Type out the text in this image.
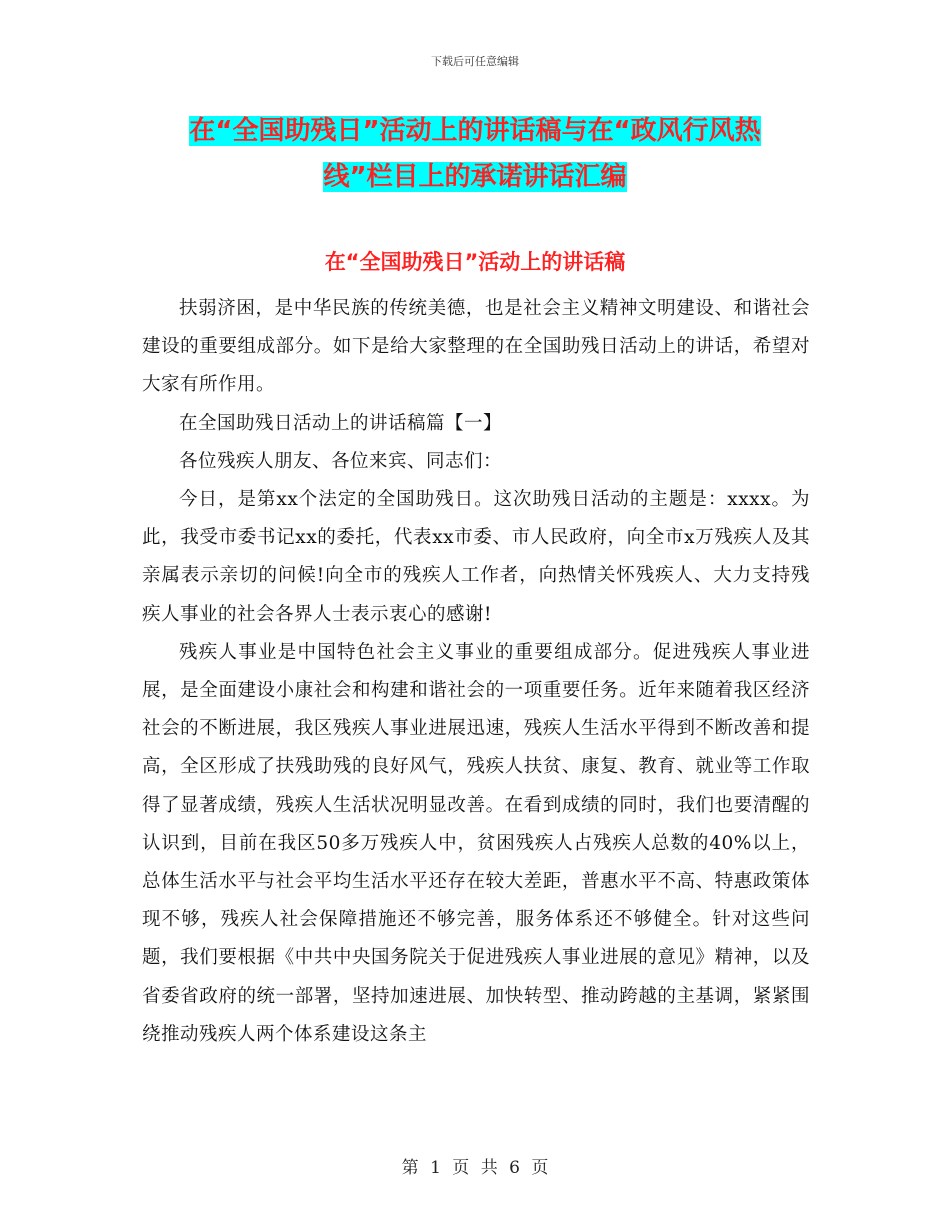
下载后可任意编辑
在“全国助残日”活动上的讲话稿与在“政风行风热
线”栏目上的承诺讲话汇编
在“全国助残日”活动上的讲话稿

扶弱济困，是中华民族的传统美德，也是社会主义精神文明建设、和谐社会建设的重要组成部分。如下是给大家整理的在全国助残日活动上的讲话，希望对大家有所作用。

在全国助残日活动上的讲话稿篇【一】

各位残疾人朋友、各位来宾、同志们：

今日，是第xx个法定的全国助残日。这次助残日活动的主题是：xxxx。为此，我受市委书记xx的委托，代表xx市委、市人民政府，向全市x万残疾人及其亲属表示亲切的问候!向全市的残疾人工作者，向热情关怀残疾人、大力支持残疾人事业的社会各界人士表示衷心的感谢!

残疾人事业是中国特色社会主义事业的重要组成部分。促进残疾人事业进展，是全面建设小康社会和构建和谐社会的一项重要任务。近年来随着我区经济社会的不断进展，我区残疾人事业进展迅速，残疾人生活水平得到不断改善和提高，全区形成了扶残助残的良好风气，残疾人扶贫、康复、教育、就业等工作取得了显著成绩，残疾人生活状况明显改善。在看到成绩的同时，我们也要清醒的认识到，目前在我区50多万残疾人中，贫困残疾人占残疾人总数的40%以上，总体生活水平与社会平均生活水平还存在较大差距，普惠水平不高、特惠政策体现不够，残疾人社会保障措施还不够完善，服务体系还不够健全。针对这些问题，我们要根据《中共中央国务院关于促进残疾人事业进展的意见》精神，以及省委省政府的统一部署，坚持加速进展、加快转型、推动跨越的主基调，紧紧围绕推动残疾人两个体系建设这条主

第 1 页 共 6 页
